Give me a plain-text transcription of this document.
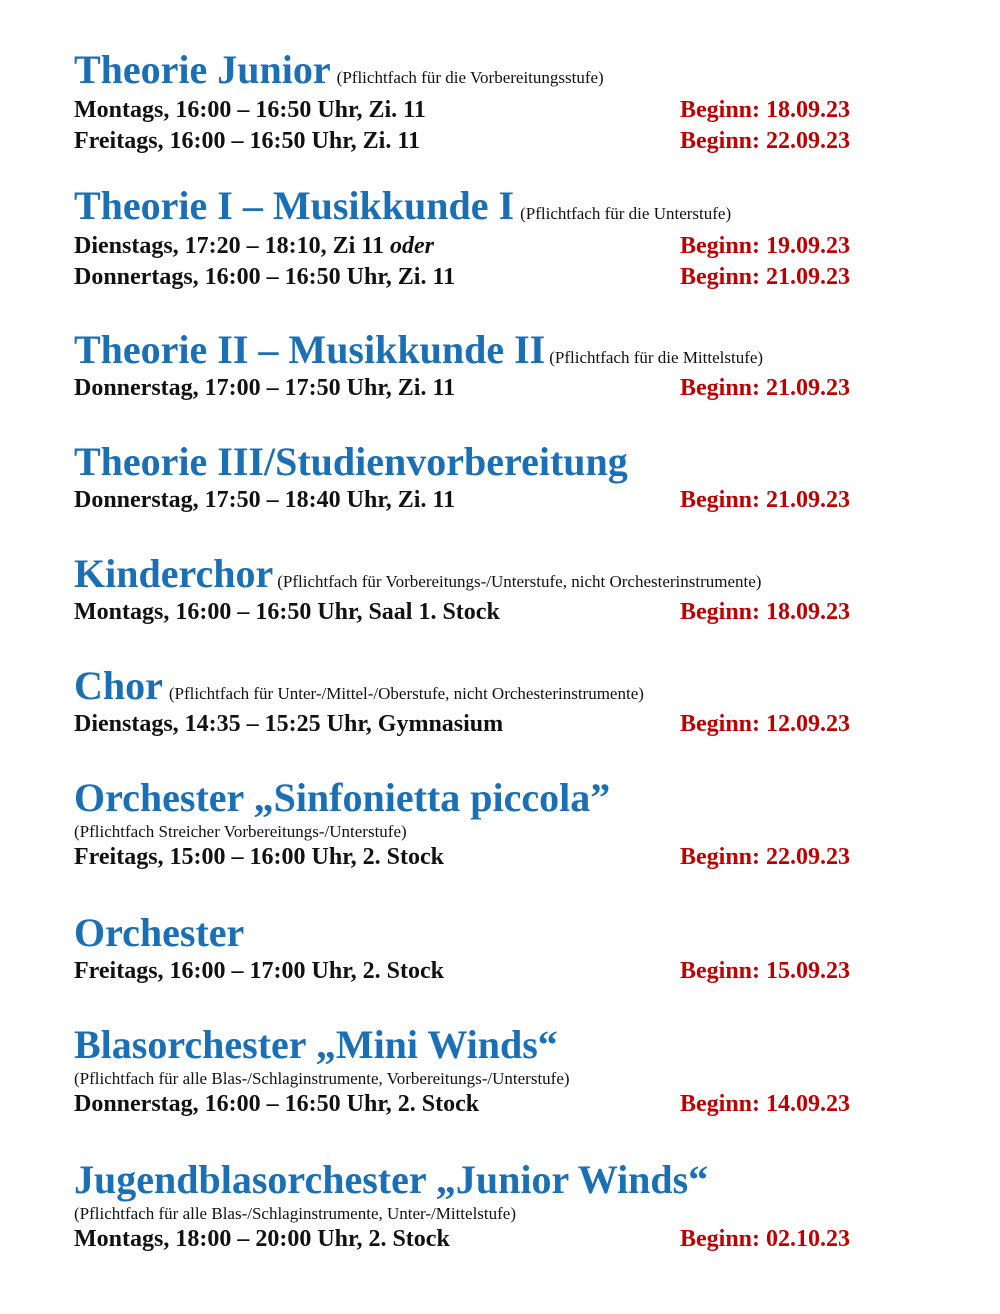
Theorie Junior (Pflichtfach für die Vorbereitungsstufe)
Montags, 16:00 – 16:50 Uhr, Zi. 11	Beginn: 18.09.23
Freitags, 16:00 – 16:50 Uhr, Zi. 11	Beginn: 22.09.23
Theorie I – Musikkunde I (Pflichtfach für die Unterstufe)
Dienstags, 17:20 – 18:10, Zi 11 oder	Beginn: 19.09.23
Donnertags, 16:00 – 16:50 Uhr, Zi. 11	Beginn: 21.09.23
Theorie II – Musikkunde II (Pflichtfach für die Mittelstufe)
Donnerstag, 17:00 – 17:50 Uhr, Zi. 11	Beginn: 21.09.23
Theorie III/Studienvorbereitung
Donnerstag, 17:50 – 18:40 Uhr, Zi. 11	Beginn: 21.09.23
Kinderchor (Pflichtfach für Vorbereitungs-/Unterstufe, nicht Orchesterinstrumente)
Montags, 16:00 – 16:50 Uhr, Saal 1. Stock	Beginn: 18.09.23
Chor (Pflichtfach für Unter-/Mittel-/Oberstufe, nicht Orchesterinstrumente)
Dienstags, 14:35 – 15:25 Uhr, Gymnasium	Beginn: 12.09.23
Orchester „Sinfonietta piccola”
(Pflichtfach Streicher Vorbereitungs-/Unterstufe)
Freitags, 15:00 – 16:00 Uhr, 2. Stock	Beginn: 22.09.23
Orchester
Freitags, 16:00 – 17:00 Uhr, 2. Stock	Beginn: 15.09.23
Blasorchester „Mini Winds“
(Pflichtfach für alle Blas-/Schlaginstrumente, Vorbereitungs-/Unterstufe)
Donnerstag, 16:00 – 16:50 Uhr, 2. Stock	Beginn: 14.09.23
Jugendblasorchester „Junior Winds“
(Pflichtfach für alle Blas-/Schlaginstrumente, Unter-/Mittelstufe)
Montags, 18:00 – 20:00 Uhr, 2. Stock	Beginn: 02.10.23
